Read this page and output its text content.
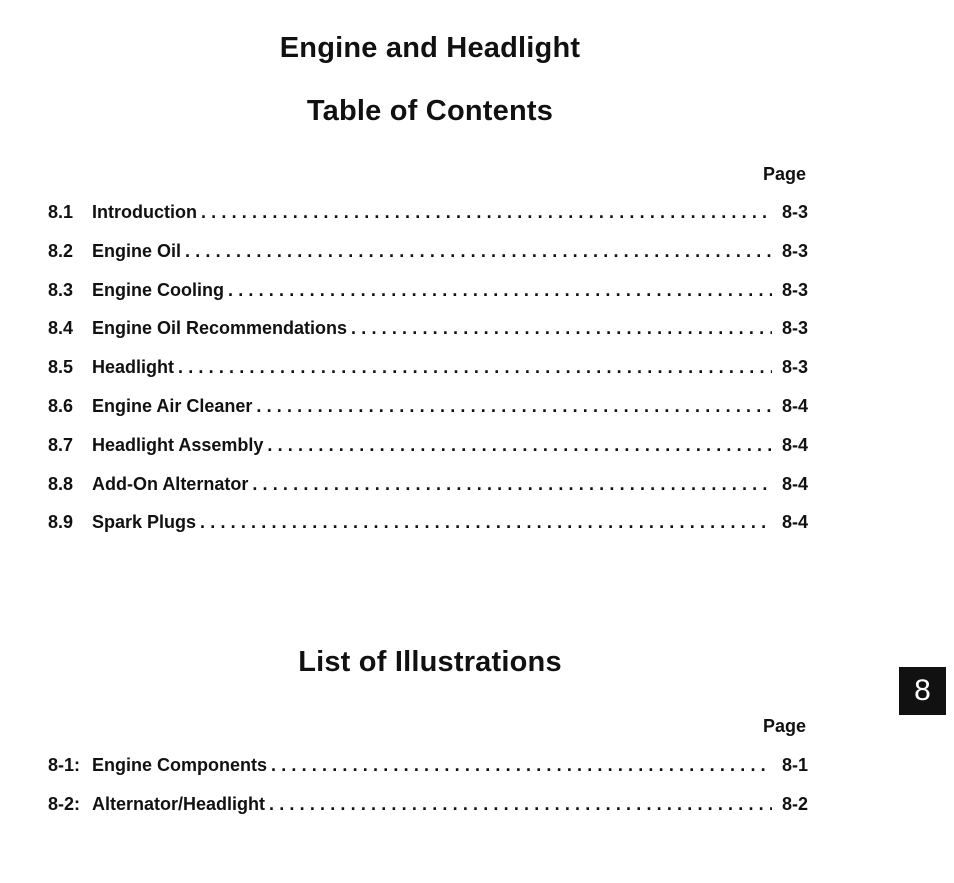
Engine and Headlight
Table of Contents
Page
8.1	Introduction .....	8-3
8.2	Engine Oil .....	8-3
8.3	Engine Cooling .....	8-3
8.4	Engine Oil Recommendations .....	8-3
8.5	Headlight .....	8-3
8.6	Engine Air Cleaner .....	8-4
8.7	Headlight Assembly .....	8-4
8.8	Add-On Alternator .....	8-4
8.9	Spark Plugs .....	8-4
List of Illustrations
Page
8-1: Engine Components .....	8-1
8-2: Alternator/Headlight .....	8-2
8
